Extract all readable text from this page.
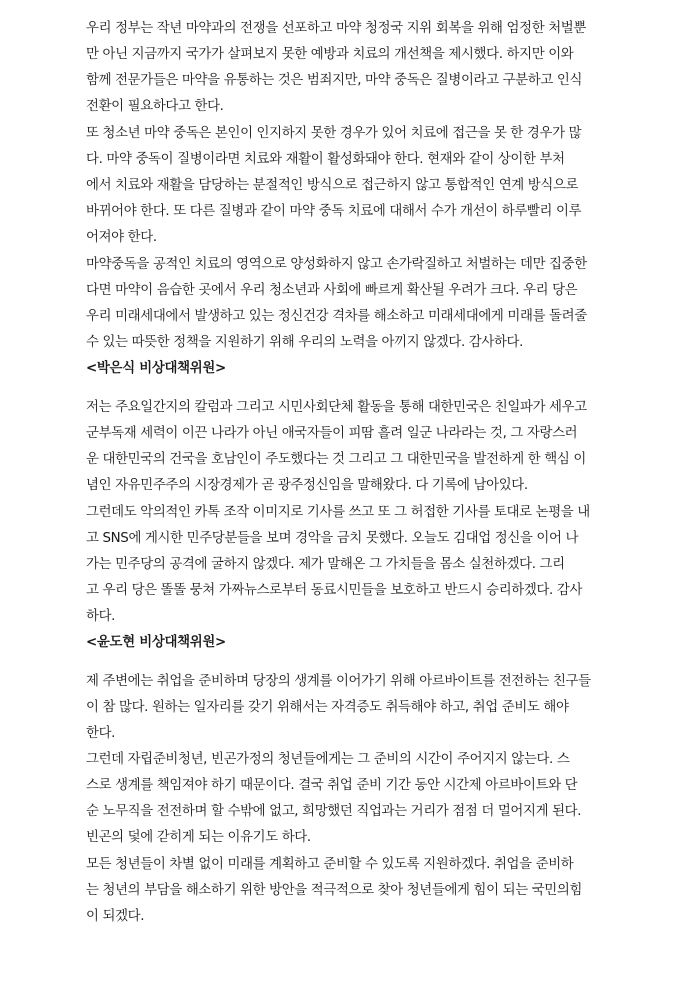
우리 정부는 작년 마약과의 전쟁을 선포하고 마약 청정국 지위 회복을 위해 엄정한 처벌뿐
만 아닌 지금까지 국가가 살펴보지 못한 예방과 치료의 개선책을 제시했다. 하지만 이와
함께 전문가들은 마약을 유통하는 것은 범죄지만, 마약 중독은 질병이라고 구분하고 인식
전환이 필요하다고 한다.
또 청소년 마약 중독은 본인이 인지하지 못한 경우가 있어 치료에 접근을 못 한 경우가 많
다. 마약 중독이 질병이라면 치료와 재활이 활성화돼야 한다. 현재와 같이 상이한 부처
에서 치료와 재활을 담당하는 분절적인 방식으로 접근하지 않고 통합적인 연계 방식으로
바뀌어야 한다. 또 다른 질병과 같이 마약 중독 치료에 대해서 수가 개선이 하루빨리 이루
어져야 한다.
마약중독을 공적인 치료의 영역으로 양성화하지 않고 손가락질하고 처벌하는 데만 집중한
다면 마약이 음습한 곳에서 우리 청소년과 사회에 빠르게 확산될 우려가 크다. 우리 당은
우리 미래세대에서 발생하고 있는 정신건강 격차를 해소하고 미래세대에게 미래를 돌려줄
수 있는 따뜻한 정책을 지원하기 위해 우리의 노력을 아끼지 않겠다. 감사하다.
<박은식 비상대책위원>
저는 주요일간지의 칼럼과 그리고 시민사회단체 활동을 통해 대한민국은 친일파가 세우고
군부독재 세력이 이끈 나라가 아닌 애국자들이 피땀 흘려 일군 나라라는 것, 그 자랑스러
운 대한민국의 건국을 호남인이 주도했다는 것 그리고 그 대한민국을 발전하게 한 핵심 이
념인 자유민주주의 시장경제가 곧 광주정신임을 말해왔다. 다 기록에 남아있다.
그런데도 악의적인 카톡 조작 이미지로 기사를 쓰고 또 그 허접한 기사를 토대로 논평을 내
고 SNS에 게시한 민주당분들을 보며 경악을 금치 못했다. 오늘도 김대업 정신을 이어 나
가는 민주당의 공격에 굴하지 않겠다. 제가 말해온 그 가치들을 몸소 실천하겠다. 그리
고 우리 당은 똘똘 뭉쳐 가짜뉴스로부터 동료시민들을 보호하고 반드시 승리하겠다. 감사
하다.
<윤도현 비상대책위원>
제 주변에는 취업을 준비하며 당장의 생계를 이어가기 위해 아르바이트를 전전하는 친구들
이 참 많다. 원하는 일자리를 갖기 위해서는 자격증도 취득해야 하고, 취업 준비도 해야
한다.
그런데 자립준비청년, 빈곤가정의 청년들에게는 그 준비의 시간이 주어지지 않는다. 스
스로 생계를 책임져야 하기 때문이다. 결국 취업 준비 기간 동안 시간제 아르바이트와 단
순 노무직을 전전하며 할 수밖에 없고, 희망했던 직업과는 거리가 점점 더 멀어지게 된다.
빈곤의 덫에 갇히게 되는 이유기도 하다.
모든 청년들이 차별 없이 미래를 계획하고 준비할 수 있도록 지원하겠다. 취업을 준비하
는 청년의 부담을 해소하기 위한 방안을 적극적으로 찾아 청년들에게 힘이 되는 국민의힘
이 되겠다.
